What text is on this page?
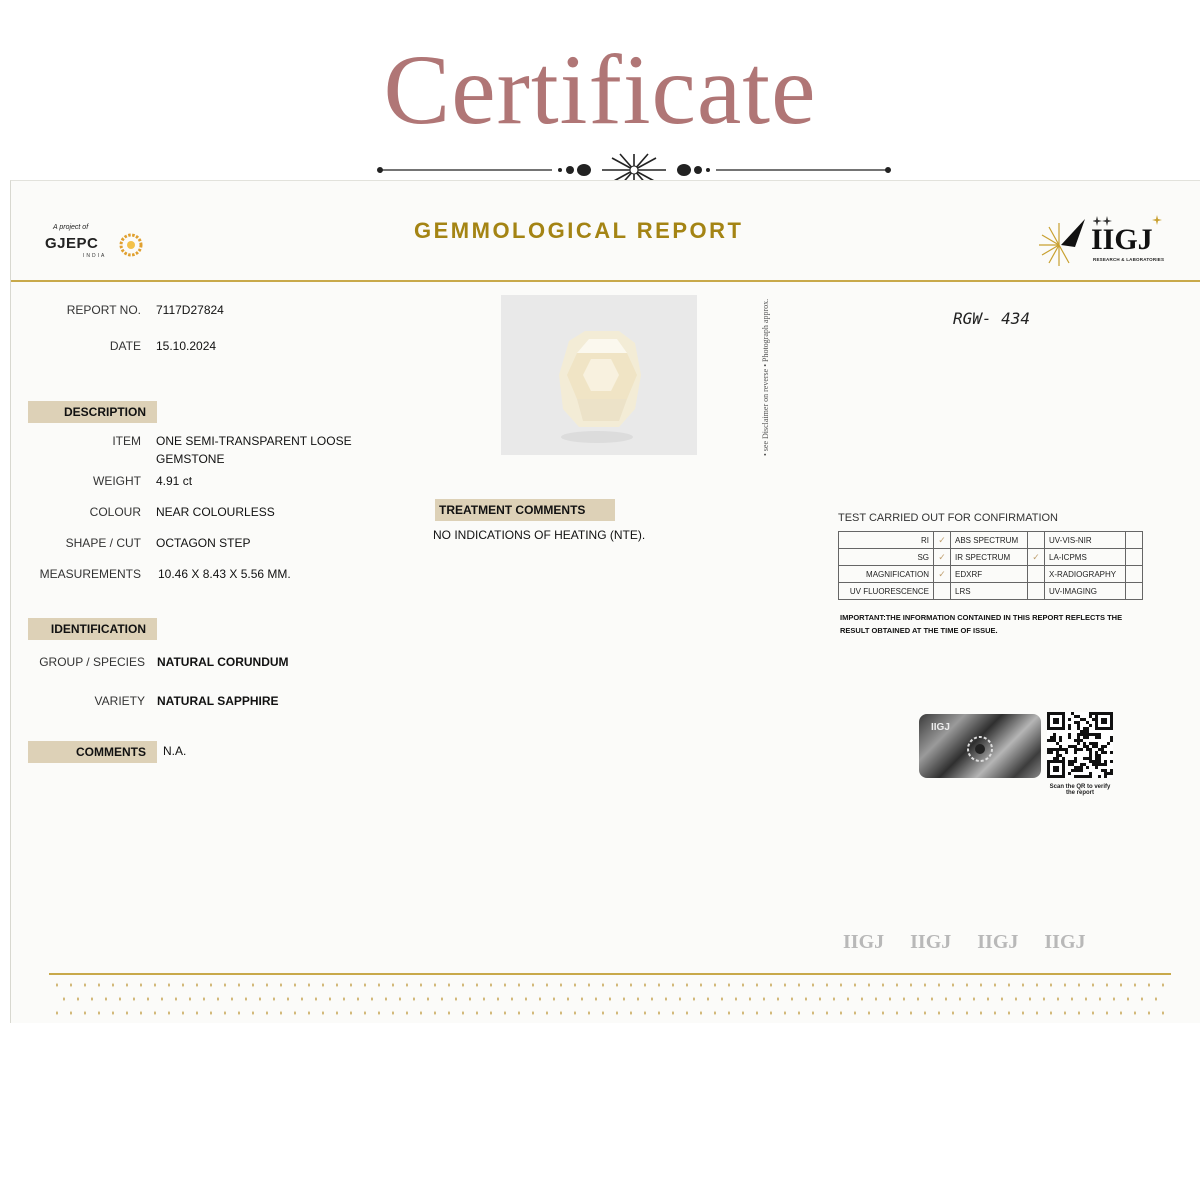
Certificate
A project of
GJEPC
INDIA
GEMMOLOGICAL REPORT	IIGJ
RESEARCH & LABORATORIES
REPORT NO. 7117D27824
DATE 15.10.2024
DESCRIPTION
ITEM ONE SEMI-TRANSPARENT LOOSE
GEMSTONE
WEIGHT 4.91 ct
COLOUR NEAR COLOURLESS
SHAPE / CUT OCTAGON STEP
MEASUREMENTS 10.46 X 8.43 X 5.56 MM.
IDENTIFICATION
GROUP / SPECIES NATURAL CORUNDUM
VARIETY NATURAL SAPPHIRE
COMMENTS	N.A.
• see Disclaimer on reverse • Photograph approx.	RGW- 434
TREATMENT COMMENTS
NO INDICATIONS OF HEATING (NTE).
TEST CARRIED OUT FOR CONFIRMATION
RI	✓	ABS SPECTRUM		UV-VIS-NIR	
SG	✓	IR SPECTRUM	✓	LA-ICPMS	
MAGNIFICATION	✓	EDXRF		X-RADIOGRAPHY	
UV FLUORESCENCE		LRS		UV-IMAGING	
IMPORTANT:THE INFORMATION CONTAINED IN THIS REPORT REFLECTS THE RESULT OBTAINED AT THE TIME OF ISSUE.
IIGJ
Scan the QR to verify the report
IIGJ IIGJ IIGJ IIGJ
